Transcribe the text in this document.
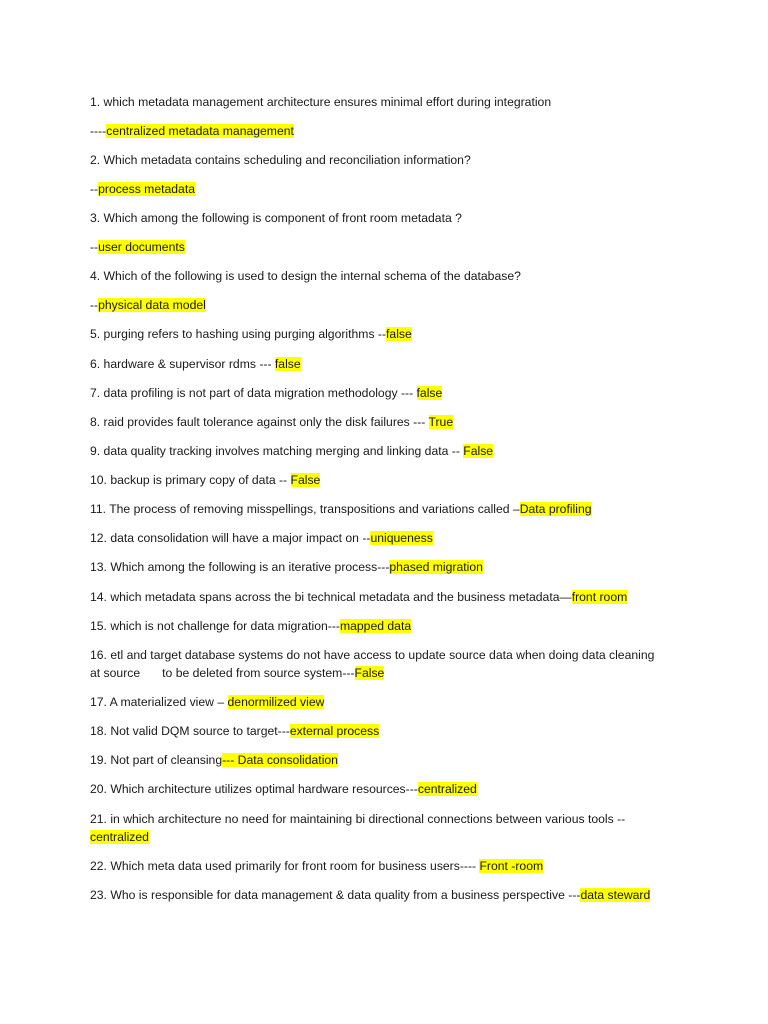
1. which metadata management architecture ensures minimal effort during integration
----centralized metadata management
2. Which metadata contains scheduling and reconciliation information?
--process metadata
3. Which among the following is component of front room metadata ?
--user documents
4. Which of the following is used to design the internal schema of the database?
--physical data model
5. purging refers to hashing using purging algorithms --false
6. hardware & supervisor rdms --- false
7. data profiling is not part of data migration methodology --- false
8. raid provides fault tolerance against only the disk failures --- True
9. data quality tracking involves matching merging and linking data -- False
10. backup is primary copy of data -- False
11. The process of removing misspellings, transpositions and variations called –Data profiling
12. data consolidation will have a major impact on --uniqueness
13. Which among the following is an iterative process---phased migration
14. which metadata spans across the bi technical metadata and the business metadata—front room
15. which is not challenge for data migration---mapped data
16. etl and target database systems do not have access to update source data when doing data cleaning
at source to be deleted from source system---False
17. A materialized view – denormilized view
18. Not valid DQM source to target---external process
19. Not part of cleansing--- Data consolidation
20. Which architecture utilizes optimal hardware resources---centralized
21. in which architecture no need for maintaining bi directional connections between various tools --
centralized
22. Which meta data used primarily for front room for business users---- Front -room
23. Who is responsible for data management & data quality from a business perspective ---data steward
